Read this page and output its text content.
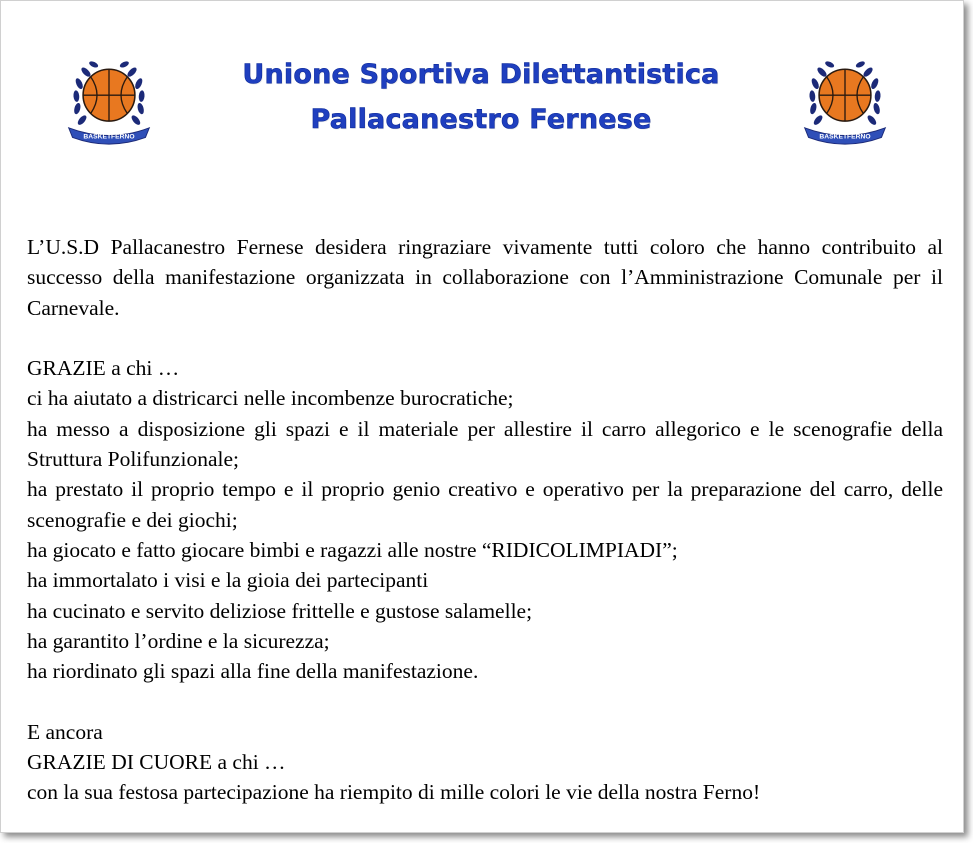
BASKETFERNO	BASKETFERNO
Unione Sportiva Dilettantistica
Pallacanestro Fernese

L’U.S.D Pallacanestro Fernese desidera ringraziare vivamente tutti coloro che hanno contribuito al successo della manifestazione organizzata in collaborazione con l’Amministrazione Comunale per il Carnevale.

GRAZIE a chi …

ci ha aiutato a districarci nelle incombenze burocratiche;

ha messo a disposizione gli spazi e il materiale per allestire il carro allegorico e le scenografie della Struttura Polifunzionale;

ha prestato il proprio tempo e il proprio genio creativo e operativo per la preparazione del carro, delle scenografie e dei giochi;

ha giocato e fatto giocare bimbi e ragazzi alle nostre “RIDICOLIMPIADI”;

ha immortalato i visi e la gioia dei partecipanti

ha cucinato e servito deliziose frittelle e gustose salamelle;

ha garantito l’ordine e la sicurezza;

ha riordinato gli spazi alla fine della manifestazione.

E ancora

GRAZIE DI CUORE a chi …

con la sua festosa partecipazione ha riempito di mille colori le vie della nostra Ferno!
